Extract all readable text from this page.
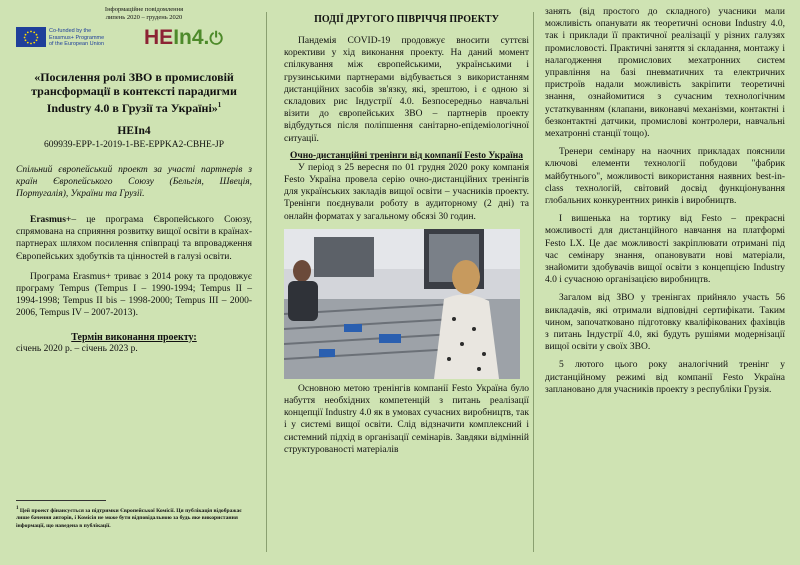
Інформаційне повідомлення
липень 2020 – грудень 2020
Co-funded by the
Erasmus+ Programme
of the European Union HEIn4.⏻
«Посилення ролі ЗВО в промисловій трансформації в контексті парадигми Industry 4.0 в Грузії та Україні»$^1$
HEIn4
609939-EPP-1-2019-1-BE-EPPKA2-CBHE-JP
Спільний європейський проект за участі партнерів з країн Європейського Союзу (Бельгія, Швеція, Португалія), України та Грузії.
Erasmus+– це програма Європейського Союзу, спрямована на сприяння розвитку вищої освіти в країнах-партнерах шляхом посилення співпраці та впровадження Європейських здобутків та цінностей в галузі освіти.
Програма Erasmus+ триває з 2014 року та продовжує програму Tempus (Tempus I – 1990-1994; Tempus II – 1994-1998; Tempus II bis – 1998-2000; Tempus III – 2000-2006, Tempus IV – 2007-2013).
Термін виконання проекту:
січень 2020 р. – січень 2023 р.
$^1$ Цей проект фінансується за підтримки Європейської Комісії. Ця публікація відображає лише бачення авторів, і Комісія не може бути відповідальною за будь яке використання інформації, що наведена в публікації.
ПОДІЇ ДРУГОГО ПІВРІЧЧЯ ПРОЕКТУ
Пандемія COVID-19 продовжує вносити суттєві корективи у хід виконання проекту. На даний момент спілкування між європейськими, українськими і грузинськими партнерами відбувається з використанням дистанційних засобів зв'язку, які, зрештою, і є одною зі складових рис Індустрії 4.0. Безпосередньо навчальні візити до європейських ЗВО – партнерів проекту відбудуться після поліпшення санітарно-епідеміологічної ситуації.
Очно-дистанційні тренінги від компанії Festo Україна
У період з 25 вересня по 01 грудня 2020 року компанія Festo Україна провела серію очно-дистанційних тренінгів для українських закладів вищої освіти – учасників проекту. Тренінги поєднували роботу в аудиторному (2 дні) та онлайн форматах у загальному обсязі 30 годин.
Основною метою тренінгів компанії Festo Україна було набуття необхідних компетенцій з питань реалізації концепції Industry 4.0 як в умовах сучасних виробництв, так і у системі вищої освіти. Слід відзначити комплексний і системний підхід в організації семінарів. Завдяки відмінній структурованості матеріалів
занять (від простого до складного) учасники мали можливість опанувати як теоретичні основи Industry 4.0, так і приклади її практичної реалізації у різних галузях промисловості. Практичні заняття зі складання, монтажу і налагодження промислових мехатронних систем управління на базі пневматичних та електричних пристроїв надали можливість закріпити теоретичні знання, ознайомитися з сучасним технологічним устаткуванням (клапани, виконавчі механізми, контактні і безконтактні датчики, промислові контролери, навчальні мехатронні станції тощо).
Тренери семінару на наочних прикладах пояснили ключові елементи технології побудови "фабрик майбутнього", можливості використання наявних best-in-class технологій, світовий досвід функціонування глобальних конкурентних ринків і виробництв.
І вишенька на тортику від Festo – прекрасні можливості для дистанційного навчання на платформі Festo LX. Це дає можливості закріплювати отримані під час семінару знання, опановувати нові матеріали, знайомити здобувачів вищої освіти з концепцією Industry 4.0 і сучасною організацією виробництв.
Загалом від ЗВО у тренінгах прийняло участь 56 викладачів, які отримали відповідні сертифікати. Таким чином, започатковано підготовку кваліфікованих фахівців з питань Індустрії 4.0, які будуть рушіями модернізації вищої освіти у своїх ЗВО.
5 лютого цього року аналогічний тренінг у дистанційному режимі від компанії Festo Україна заплановано для учасників проекту з республіки Грузія.
